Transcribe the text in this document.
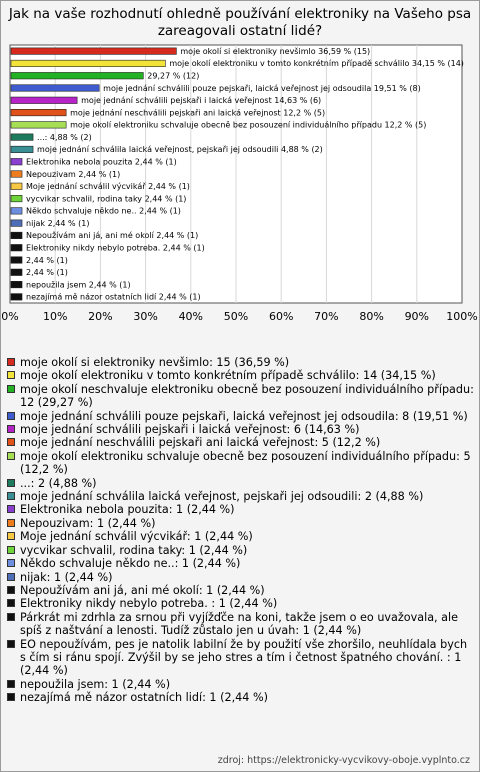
Jak na vaše rozhodnutí ohledně používání elektroniky na Vašeho psa zareagovali ostatní lidé?
0% 10% 20% 30% 40% 50% 60% 70% 80% 90% 100%
moje okolí si elektroniky nevšimlo 36,59 % (15)
moje okolí elektroniku v tomto konkrétním případě schválilo 34,15 % (14)
29,27 % (12)
moje jednání schválili pouze pejskaři, laická veřejnost jej odsoudila 19,51 % (8)
moje jednání schválili pejskaři i laická veřejnost 14,63 % (6)
moje jednání neschválili pejskaři ani laická veřejnost 12,2 % (5)
moje okolí elektroniku schvaluje obecně bez posouzení individuálního případu 12,2 % (5)
...: 4,88 % (2)
moje jednání schválila laická veřejnost, pejskaři jej odsoudili 4,88 % (2)
Elektronika nebola pouzita 2,44 % (1)
Nepouzivam 2,44 % (1)
Moje jednání schválil výcvikář 2,44 % (1)
vycvikar schvalil, rodina taky 2,44 % (1)
Někdo schvaluje někdo ne.. 2,44 % (1)
nijak 2,44 % (1)
Nepoužívám ani já, ani mé okolí 2,44 % (1)
Elektroniky nikdy nebylo potreba. 2,44 % (1)
2,44 % (1)
2,44 % (1)
nepoužila jsem 2,44 % (1)
nezajímá mě názor ostatních lidí 2,44 % (1)
moje okolí si elektroniky nevšimlo: 15 (36,59 %)
moje okolí elektroniku v tomto konkrétním případě schválilo: 14 (34,15 %)
moje okolí neschvaluje elektroniku obecně bez posouzení individuálního případu: 12 (29,27 %)
moje jednání schválili pouze pejskaři, laická veřejnost jej odsoudila: 8 (19,51 %)
moje jednání schválili pejskaři i laická veřejnost: 6 (14,63 %)
moje jednání neschválili pejskaři ani laická veřejnost: 5 (12,2 %)
moje okolí elektroniku schvaluje obecně bez posouzení individuálního případu: 5 (12,2 %)
...: 2 (4,88 %)
moje jednání schválila laická veřejnost, pejskaři jej odsoudili: 2 (4,88 %)
Elektronika nebola pouzita: 1 (2,44 %)
Nepouzivam: 1 (2,44 %)
Moje jednání schválil výcvikář: 1 (2,44 %)
vycvikar schvalil, rodina taky: 1 (2,44 %)
Někdo schvaluje někdo ne..: 1 (2,44 %)
nijak: 1 (2,44 %)
Nepoužívám ani já, ani mé okolí: 1 (2,44 %)
Elektroniky nikdy nebylo potreba. : 1 (2,44 %)
Párkrát mi zdrhla za srnou při vyjížďče na koni, takže jsem o eo uvažovala, ale spíš z naštvání a lenosti. Tudíž zůstalo jen u úvah: 1 (2,44 %)
EO nepoužívám, pes je natolik labilní že by použití vše zhoršilo, neuhlídala bych s čím si ránu spojí. Zvýšil by se jeho stres a tím i četnost špatného chování. : 1 (2,44 %)
nepoužila jsem: 1 (2,44 %)
nezajímá mě názor ostatních lidí: 1 (2,44 %)
zdroj: https://elektronicky-vycvikovy-oboje.vyplnto.cz
